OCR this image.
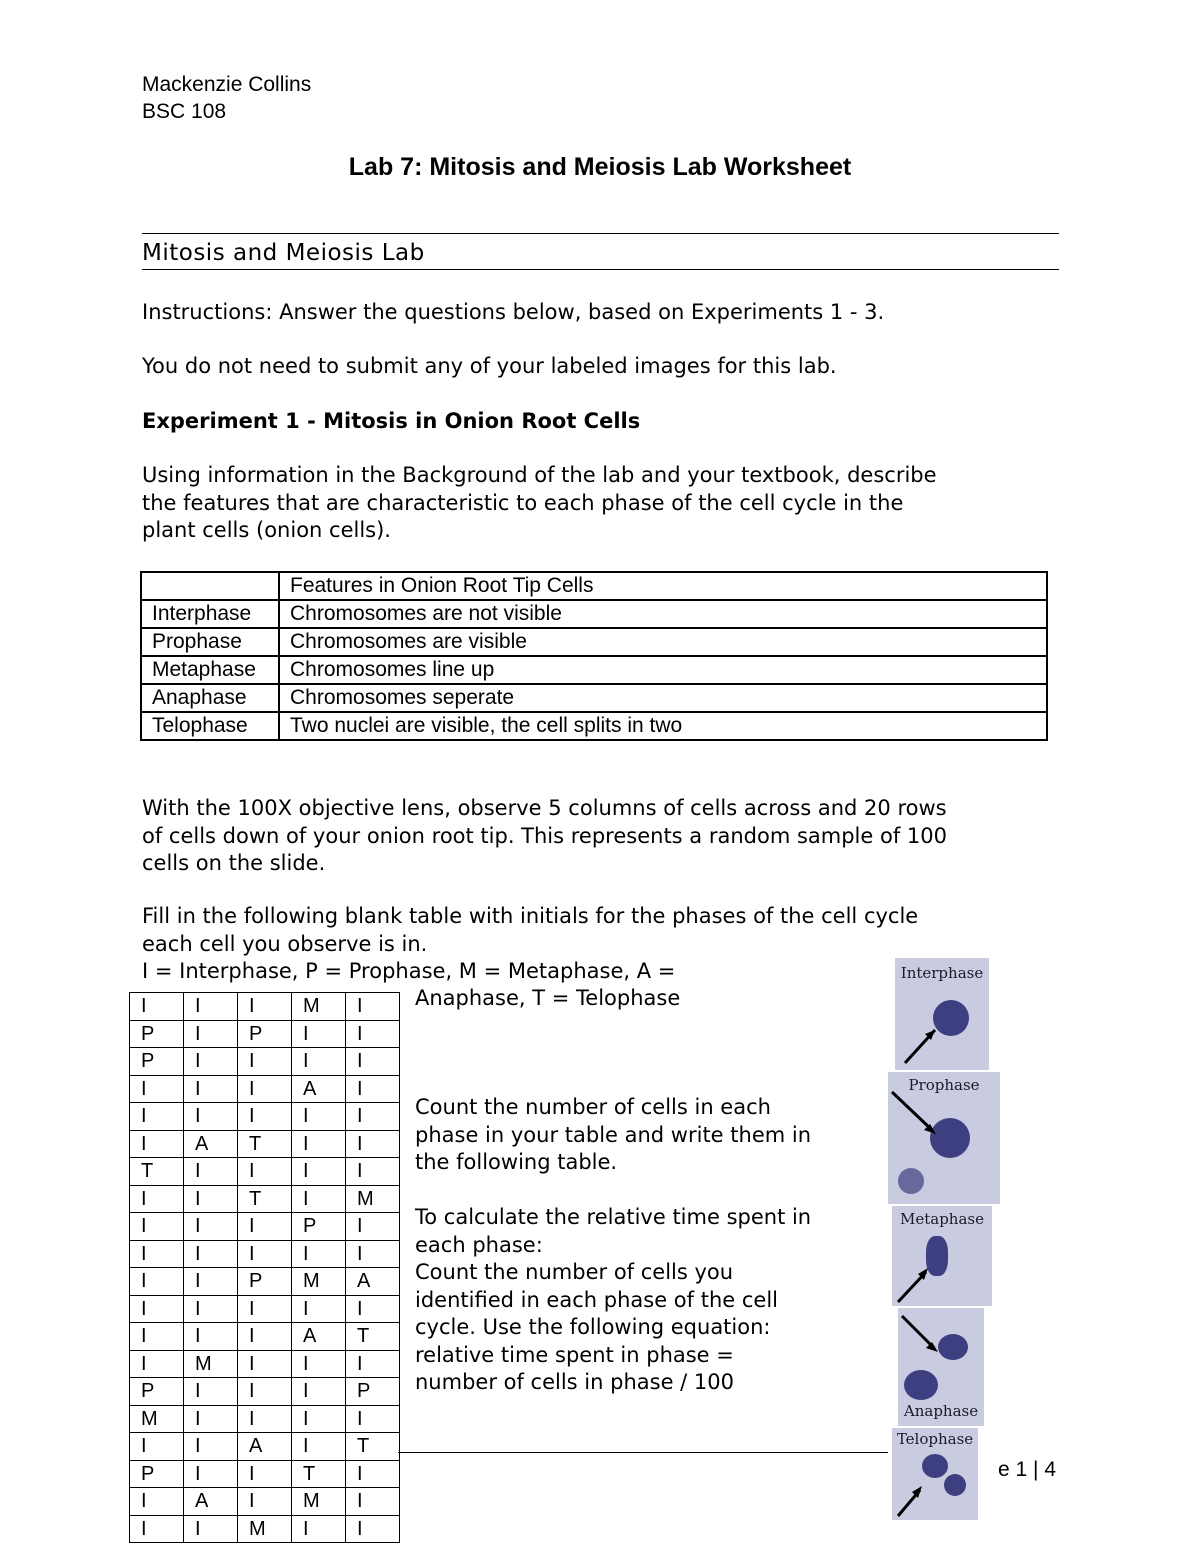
Mackenzie Collins
BSC 108
Lab 7: Mitosis and Meiosis Lab Worksheet
Mitosis and Meiosis Lab
Instructions: Answer the questions below, based on Experiments 1 - 3.
You do not need to submit any of your labeled images for this lab.
Experiment 1 - Mitosis in Onion Root Cells
Using information in the Background of the lab and your textbook, describe
the features that are characteristic to each phase of the cell cycle in the
plant cells (onion cells).
	Features in Onion Root Tip Cells
Interphase	Chromosomes are not visible
Prophase	Chromosomes are visible
Metaphase	Chromosomes line up
Anaphase	Chromosomes seperate
Telophase	Two nuclei are visible, the cell splits in two
With the 100X objective lens, observe 5 columns of cells across and 20 rows
of cells down of your onion root tip. This represents a random sample of 100
cells on the slide.
Fill in the following blank table with initials for the phases of the cell cycle
each cell you observe is in.
I = Interphase, P = Prophase, M = Metaphase, A =
Anaphase, T = Telophase
I	I	I	M	I
P	I	P	I	I
P	I	I	I	I
I	I	I	A	I
I	I	I	I	I
I	A	T	I	I
T	I	I	I	I
I	I	T	I	M
I	I	I	P	I
I	I	I	I	I
I	I	P	M	A
I	I	I	I	I
I	I	I	A	T
I	M	I	I	I
P	I	I	I	P
M	I	I	I	I
I	I	A	I	T
P	I	I	T	I
I	A	I	M	I
I	I	M	I	I
Count the number of cells in each
phase in your table and write them in
the following table.
To calculate the relative time spent in
each phase:
Count the number of cells you
identified in each phase of the cell
cycle. Use the following equation:
relative time spent in phase =
number of cells in phase / 100
e 1 | 4
Interphase
Prophase
Metaphase
Anaphase
Telophase
